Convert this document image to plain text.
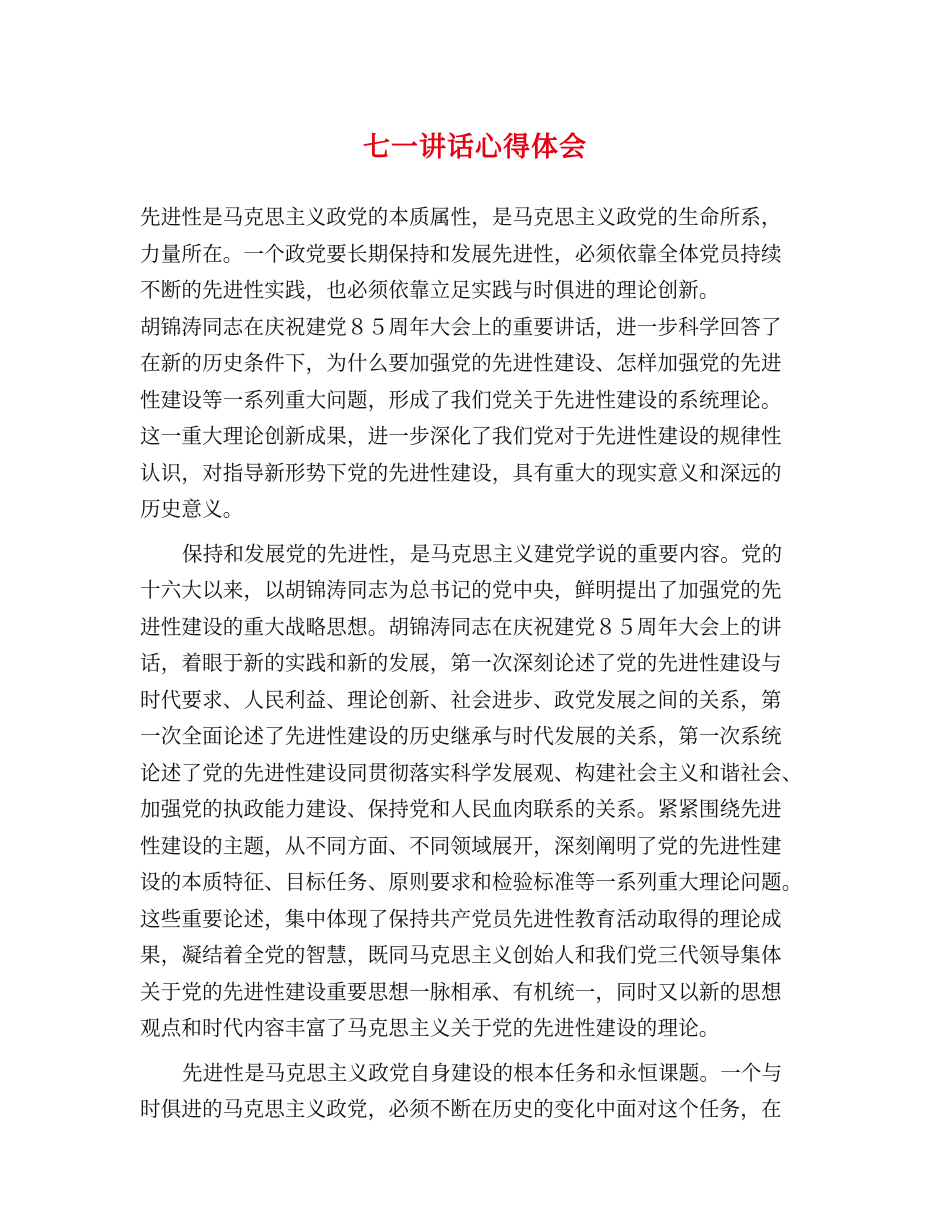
七一讲话心得体会
先进性是马克思主义政党的本质属性，是马克思主义政党的生命所系，
力量所在。一个政党要长期保持和发展先进性，必须依靠全体党员持续
不断的先进性实践，也必须依靠立足实践与时俱进的理论创新。
胡锦涛同志在庆祝建党８５周年大会上的重要讲话，进一步科学回答了
在新的历史条件下，为什么要加强党的先进性建设、怎样加强党的先进
性建设等一系列重大问题，形成了我们党关于先进性建设的系统理论。
这一重大理论创新成果，进一步深化了我们党对于先进性建设的规律性
认识，对指导新形势下党的先进性建设，具有重大的现实意义和深远的
历史意义。
保持和发展党的先进性，是马克思主义建党学说的重要内容。党的
十六大以来，以胡锦涛同志为总书记的党中央，鲜明提出了加强党的先
进性建设的重大战略思想。胡锦涛同志在庆祝建党８５周年大会上的讲
话，着眼于新的实践和新的发展，第一次深刻论述了党的先进性建设与
时代要求、人民利益、理论创新、社会进步、政党发展之间的关系，第
一次全面论述了先进性建设的历史继承与时代发展的关系，第一次系统
论述了党的先进性建设同贯彻落实科学发展观、构建社会主义和谐社会、
加强党的执政能力建设、保持党和人民血肉联系的关系。紧紧围绕先进
性建设的主题，从不同方面、不同领域展开，深刻阐明了党的先进性建
设的本质特征、目标任务、原则要求和检验标准等一系列重大理论问题。
这些重要论述，集中体现了保持共产党员先进性教育活动取得的理论成
果，凝结着全党的智慧，既同马克思主义创始人和我们党三代领导集体
关于党的先进性建设重要思想一脉相承、有机统一，同时又以新的思想
观点和时代内容丰富了马克思主义关于党的先进性建设的理论。
先进性是马克思主义政党自身建设的根本任务和永恒课题。一个与
时俱进的马克思主义政党，必须不断在历史的变化中面对这个任务，在
